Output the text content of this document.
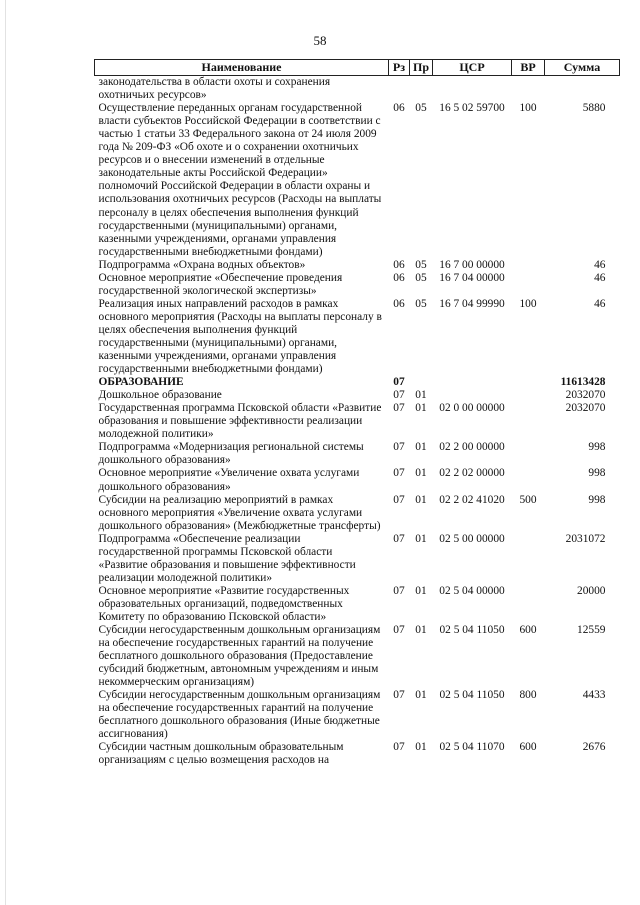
58
Наименование	Рз	Пр	ЦСР	ВР	Сумма
законодательства в области охоты и сохранения охотничьих ресурсов»					
Осуществление переданных органам государственной власти субъектов Российской Федерации в соответствии с частью 1 статьи 33 Федерального закона от 24 июля 2009 года № 209-ФЗ «Об охоте и о сохранении охотничьих ресурсов и о внесении изменений в отдельные законодательные акты Российской Федерации» полномочий Российской Федерации в области охраны и использования охотничьих ресурсов (Расходы на выплаты персоналу в целях обеспечения выполнения функций государственными (муниципальными) органами, казенными учреждениями, органами управления государственными внебюджетными фондами)	06	05	16 5 02 59700	100	5880
Подпрограмма «Охрана водных объектов»	06	05	16 7 00 00000		46
Основное мероприятие «Обеспечение проведения государственной экологической экспертизы»	06	05	16 7 04 00000		46
Реализация иных направлений расходов в рамках основного мероприятия (Расходы на выплаты персоналу в целях обеспечения выполнения функций государственными (муниципальными) органами, казенными учреждениями, органами управления государственными внебюджетными фондами)	06	05	16 7 04 99990	100	46
ОБРАЗОВАНИЕ	07				11613428
Дошкольное образование	07	01			2032070
Государственная программа Псковской области «Развитие образования и повышение эффективности реализации молодежной политики»	07	01	02 0 00 00000		2032070
Подпрограмма «Модернизация региональной системы дошкольного образования»	07	01	02 2 00 00000		998
Основное мероприятие «Увеличение охвата услугами дошкольного образования»	07	01	02 2 02 00000		998
Субсидии на реализацию мероприятий в рамках основного мероприятия «Увеличение охвата услугами дошкольного образования» (Межбюджетные трансферты)	07	01	02 2 02 41020	500	998
Подпрограмма «Обеспечение реализации государственной программы Псковской области «Развитие образования и повышение эффективности реализации молодежной политики»	07	01	02 5 00 00000		2031072
Основное мероприятие «Развитие государственных образовательных организаций, подведомственных Комитету по образованию Псковской области»	07	01	02 5 04 00000		20000
Субсидии негосударственным дошкольным организациям на обеспечение государственных гарантий на получение бесплатного дошкольного образования (Предоставление субсидий бюджетным, автономным учреждениям и иным некоммерческим организациям)	07	01	02 5 04 11050	600	12559
Субсидии негосударственным дошкольным организациям на обеспечение государственных гарантий на получение бесплатного дошкольного образования (Иные бюджетные ассигнования)	07	01	02 5 04 11050	800	4433
Субсидии частным дошкольным образовательным организациям с целью возмещения расходов на	07	01	02 5 04 11070	600	2676
